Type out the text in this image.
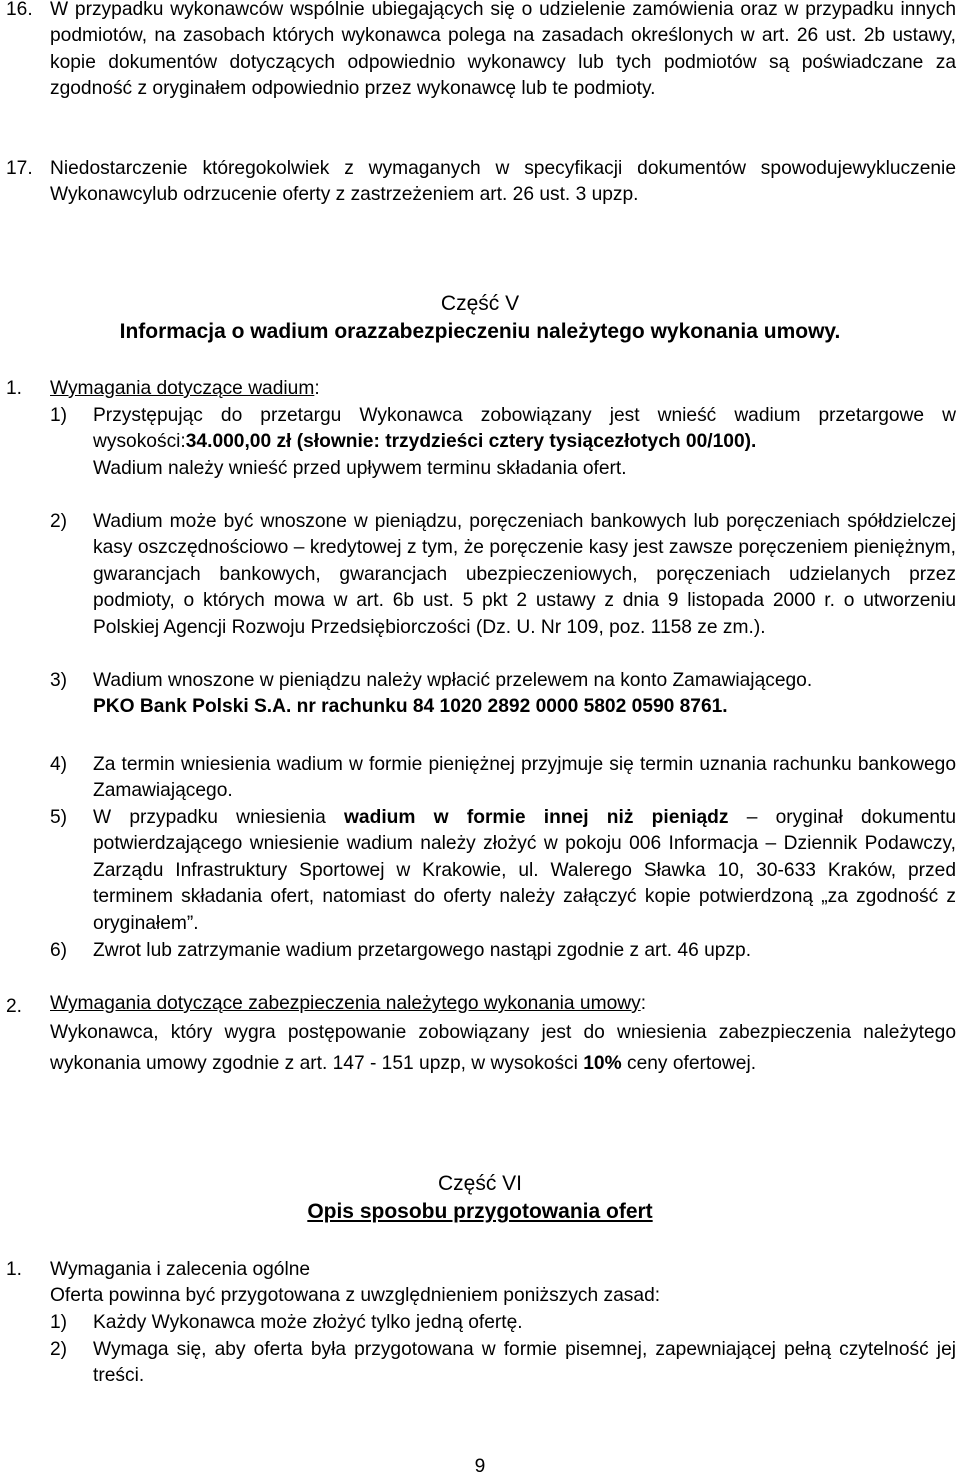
16. W przypadku wykonawców wspólnie ubiegających się o udzielenie zamówienia oraz w przypadku innych podmiotów, na zasobach których wykonawca polega na zasadach określonych w art. 26 ust. 2b ustawy, kopie dokumentów dotyczących odpowiednio wykonawcy lub tych podmiotów są poświadczane za zgodność z oryginałem odpowiednio przez wykonawcę lub te podmioty.
17. Niedostarczenie któregokolwiek z wymaganych w specyfikacji dokumentów spowodujewykluczenie Wykonawcylub odrzucenie oferty z zastrzeżeniem art. 26 ust. 3 upzp.
Część V
Informacja o wadium orazzabezpieczeniu należytego wykonania umowy.
1. Wymagania dotyczące wadium:
1) Przystępując do przetargu Wykonawca zobowiązany jest wnieść wadium przetargowe w wysokości:34.000,00 zł (słownie: trzydzieści cztery tysiącezłotych 00/100).
Wadium należy wnieść przed upływem terminu składania ofert.
2) Wadium może być wnoszone w pieniądzu, poręczeniach bankowych lub poręczeniach spółdzielczej kasy oszczędnościowo – kredytowej z tym, że poręczenie kasy jest zawsze poręczeniem pieniężnym, gwarancjach bankowych, gwarancjach ubezpieczeniowych, poręczeniach udzielanych przez podmioty, o których mowa w art. 6b ust. 5 pkt 2 ustawy z dnia 9 listopada 2000 r. o utworzeniu Polskiej Agencji Rozwoju Przedsiębiorczości (Dz. U. Nr 109, poz. 1158 ze zm.).
3) Wadium wnoszone w pieniądzu należy wpłacić przelewem na konto Zamawiającego.
PKO Bank Polski S.A. nr rachunku 84 1020 2892 0000 5802 0590 8761.
4) Za termin wniesienia wadium w formie pieniężnej przyjmuje się termin uznania rachunku bankowego Zamawiającego.
5) W przypadku wniesienia wadium w formie innej niż pieniądz – oryginał dokumentu potwierdzającego wniesienie wadium należy złożyć w pokoju 006 Informacja – Dziennik Podawczy, Zarządu Infrastruktury Sportowej w Krakowie, ul. Walerego Sławka 10, 30-633 Kraków, przed terminem składania ofert, natomiast do oferty należy załączyć kopie potwierdzoną „za zgodność z oryginałem”.
6) Zwrot lub zatrzymanie wadium przetargowego nastąpi zgodnie z art. 46 upzp.
2. Wymagania dotyczące zabezpieczenia należytego wykonania umowy:
Wykonawca, który wygra postępowanie zobowiązany jest do wniesienia zabezpieczenia należytego wykonania umowy zgodnie z art. 147 - 151 upzp, w wysokości 10% ceny ofertowej.
Część VI
Opis sposobu przygotowania ofert
1. Wymagania i zalecenia ogólne
Oferta powinna być przygotowana z uwzględnieniem poniższych zasad:
1) Każdy Wykonawca może złożyć tylko jedną ofertę.
2) Wymaga się, aby oferta była przygotowana w formie pisemnej, zapewniającej pełną czytelność jej treści.
9
